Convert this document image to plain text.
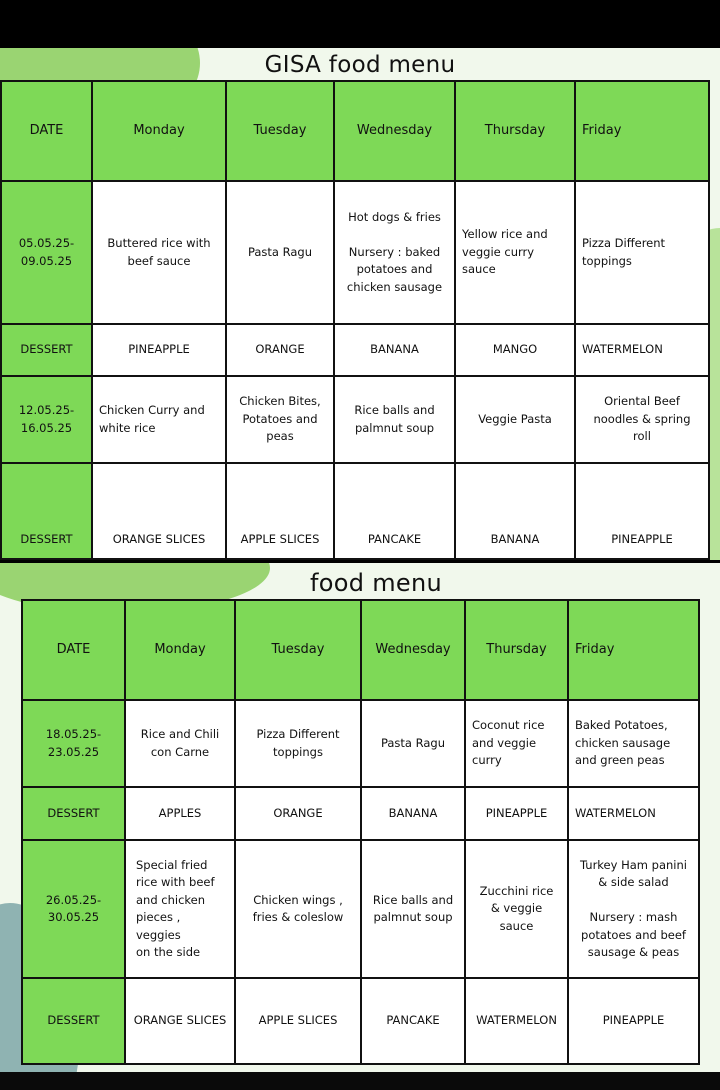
GISA food menu
DATE	Monday	Tuesday	Wednesday	Thursday	Friday
05.05.25-
09.05.25	Buttered rice with
beef sauce	Pasta Ragu	Hot dogs & fries

Nursery : baked
potatoes and
chicken sausage	Yellow rice and
veggie curry
sauce	Pizza Different
toppings
DESSERT	PINEAPPLE	ORANGE	BANANA	MANGO	WATERMELON
12.05.25-
16.05.25	Chicken Curry and
white rice	Chicken Bites,
Potatoes and
peas	Rice balls and
palmnut soup	Veggie Pasta	Oriental Beef
noodles & spring
roll
DESSERT	ORANGE SLICES	APPLE SLICES	PANCAKE	BANANA	PINEAPPLE
food menu
DATE	Monday	Tuesday	Wednesday	Thursday	Friday
18.05.25-
23.05.25	Rice and Chili
con Carne	Pizza Different
toppings	Pasta Ragu	Coconut rice
and veggie
curry	Baked Potatoes,
chicken sausage
and green peas
DESSERT	APPLES	ORANGE	BANANA	PINEAPPLE	WATERMELON
26.05.25-
30.05.25	Special fried
rice with beef
and chicken
pieces , veggies
on the side	Chicken wings ,
fries & coleslow	Rice balls and
palmnut soup	Zucchini rice
& veggie
sauce	Turkey Ham panini
& side salad

Nursery : mash
potatoes and beef
sausage & peas
DESSERT	ORANGE SLICES	APPLE SLICES	PANCAKE	WATERMELON	PINEAPPLE
